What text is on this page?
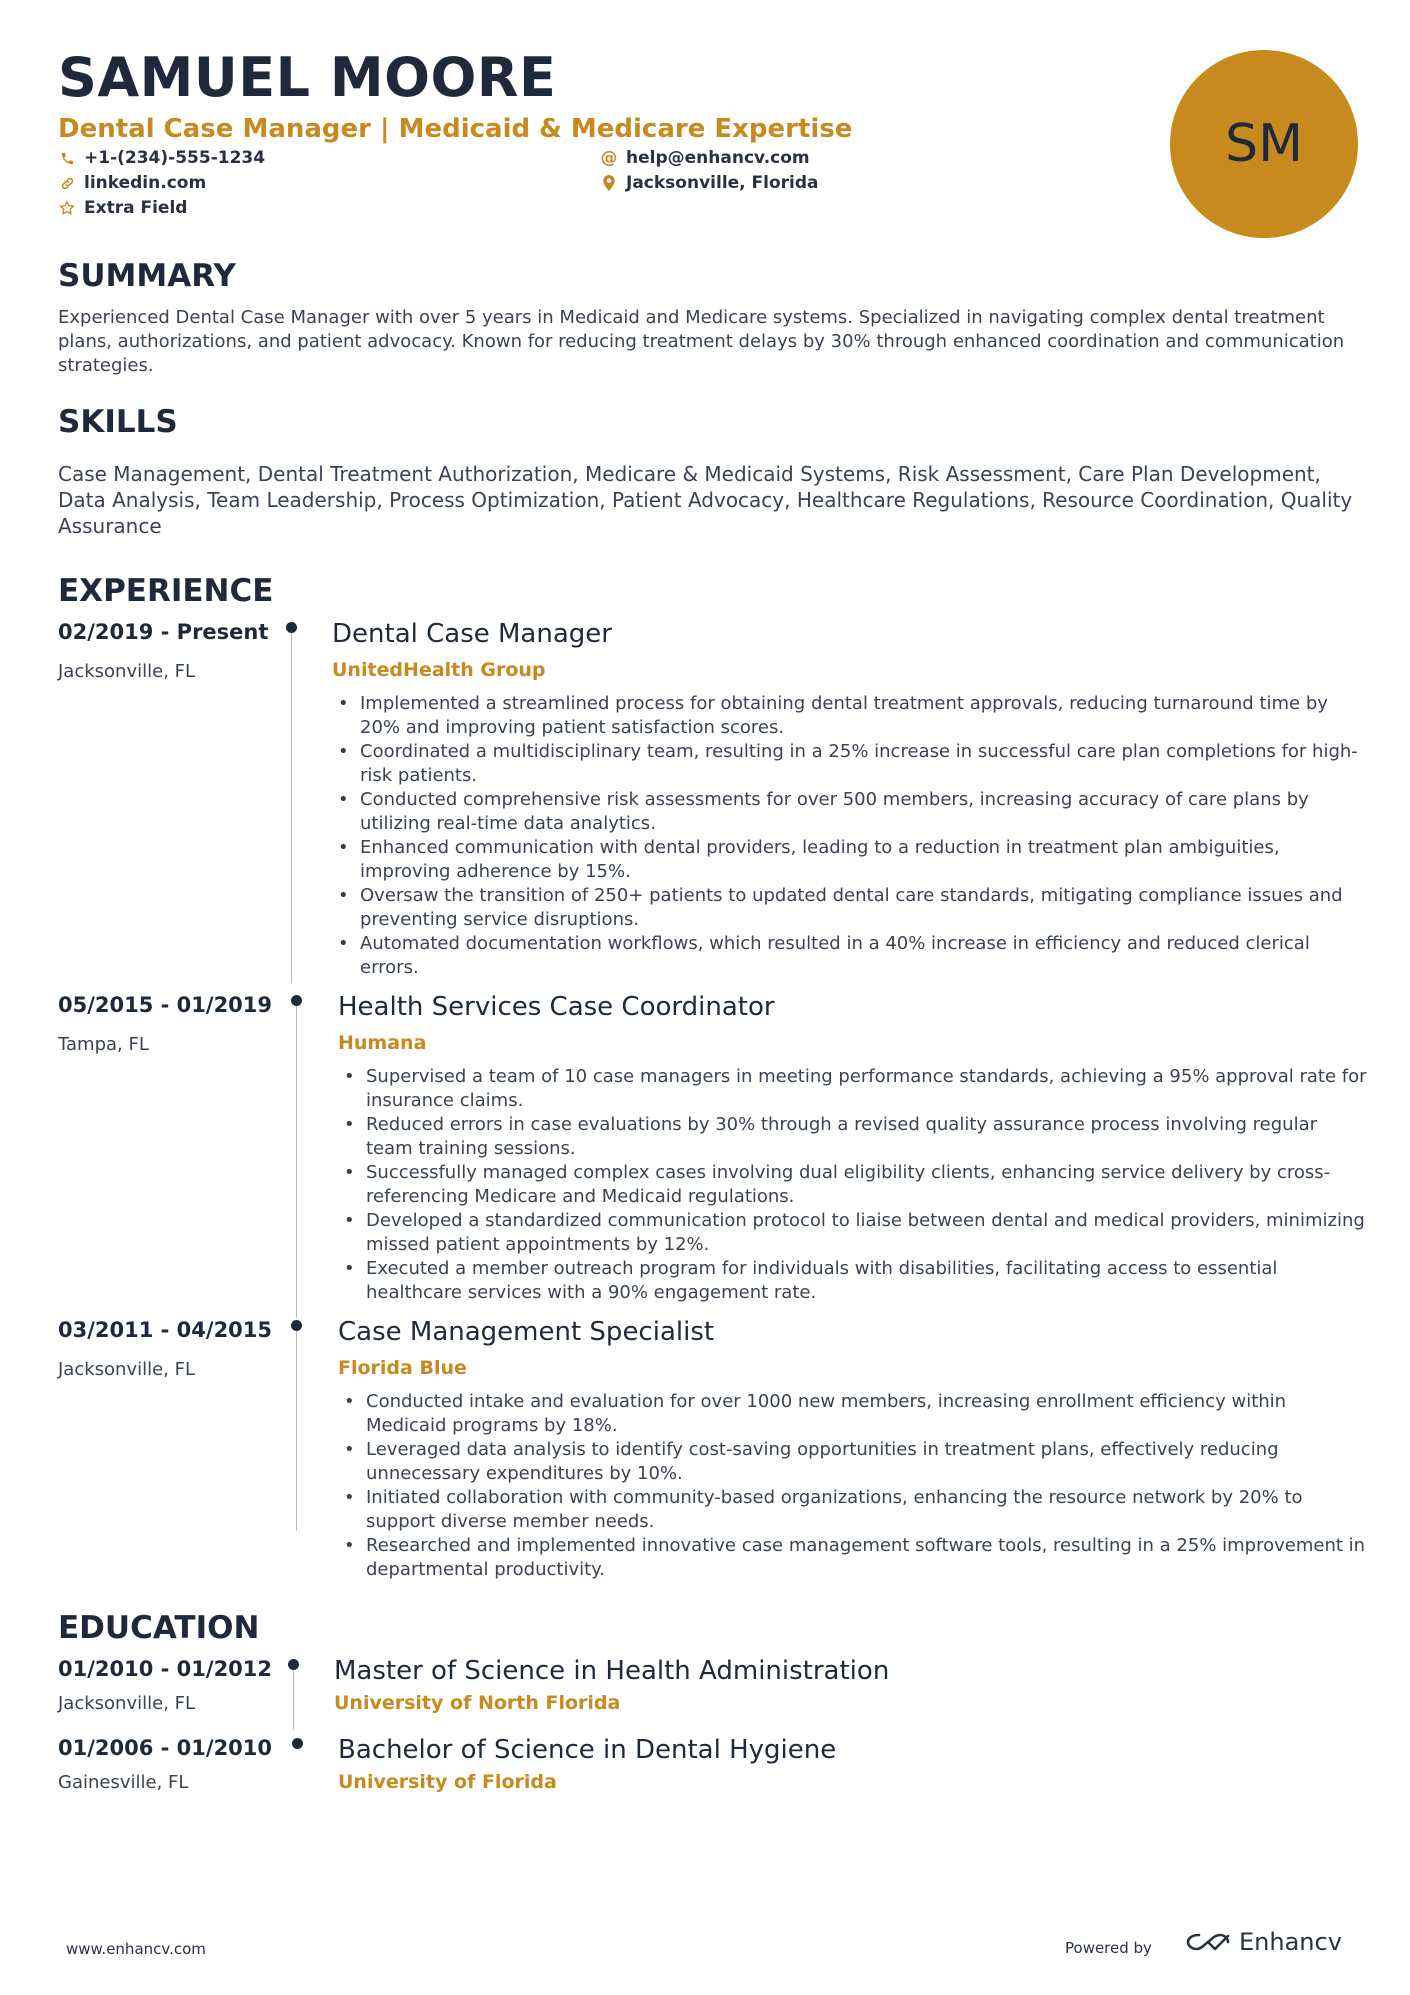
SAMUEL MOORE
Dental Case Manager | Medicaid & Medicare Expertise
+1-(234)-555-1234	@ help@enhancv.com
linkedin.com	Jacksonville, Florida
Extra Field
SM
SUMMARY
Experienced Dental Case Manager with over 5 years in Medicaid and Medicare systems. Specialized in navigating complex dental treatment plans, authorizations, and patient advocacy. Known for reducing treatment delays by 30% through enhanced coordination and communication strategies.
SKILLS
Case Management, Dental Treatment Authorization, Medicare & Medicaid Systems, Risk Assessment, Care Plan Development, Data Analysis, Team Leadership, Process Optimization, Patient Advocacy, Healthcare Regulations, Resource Coordination, Quality Assurance
EXPERIENCE
02/2019 - Present
Jacksonville, FL
Dental Case Manager
UnitedHealth Group
• Implemented a streamlined process for obtaining dental treatment approvals, reducing turnaround time by 20% and improving patient satisfaction scores.
• Coordinated a multidisciplinary team, resulting in a 25% increase in successful care plan completions for high-risk patients.
• Conducted comprehensive risk assessments for over 500 members, increasing accuracy of care plans by utilizing real-time data analytics.
• Enhanced communication with dental providers, leading to a reduction in treatment plan ambiguities, improving adherence by 15%.
• Oversaw the transition of 250+ patients to updated dental care standards, mitigating compliance issues and preventing service disruptions.
• Automated documentation workflows, which resulted in a 40% increase in efficiency and reduced clerical errors.
05/2015 - 01/2019
Tampa, FL
Health Services Case Coordinator
Humana
• Supervised a team of 10 case managers in meeting performance standards, achieving a 95% approval rate for insurance claims.
• Reduced errors in case evaluations by 30% through a revised quality assurance process involving regular team training sessions.
• Successfully managed complex cases involving dual eligibility clients, enhancing service delivery by cross-referencing Medicare and Medicaid regulations.
• Developed a standardized communication protocol to liaise between dental and medical providers, minimizing missed patient appointments by 12%.
• Executed a member outreach program for individuals with disabilities, facilitating access to essential healthcare services with a 90% engagement rate.
03/2011 - 04/2015
Jacksonville, FL
Case Management Specialist
Florida Blue
• Conducted intake and evaluation for over 1000 new members, increasing enrollment efficiency within Medicaid programs by 18%.
• Leveraged data analysis to identify cost-saving opportunities in treatment plans, effectively reducing unnecessary expenditures by 10%.
• Initiated collaboration with community-based organizations, enhancing the resource network by 20% to support diverse member needs.
• Researched and implemented innovative case management software tools, resulting in a 25% improvement in departmental productivity.
EDUCATION
01/2010 - 01/2012
Jacksonville, FL
Master of Science in Health Administration
University of North Florida
01/2006 - 01/2010
Gainesville, FL
Bachelor of Science in Dental Hygiene
University of Florida
www.enhancv.com	Powered by	Enhancv
